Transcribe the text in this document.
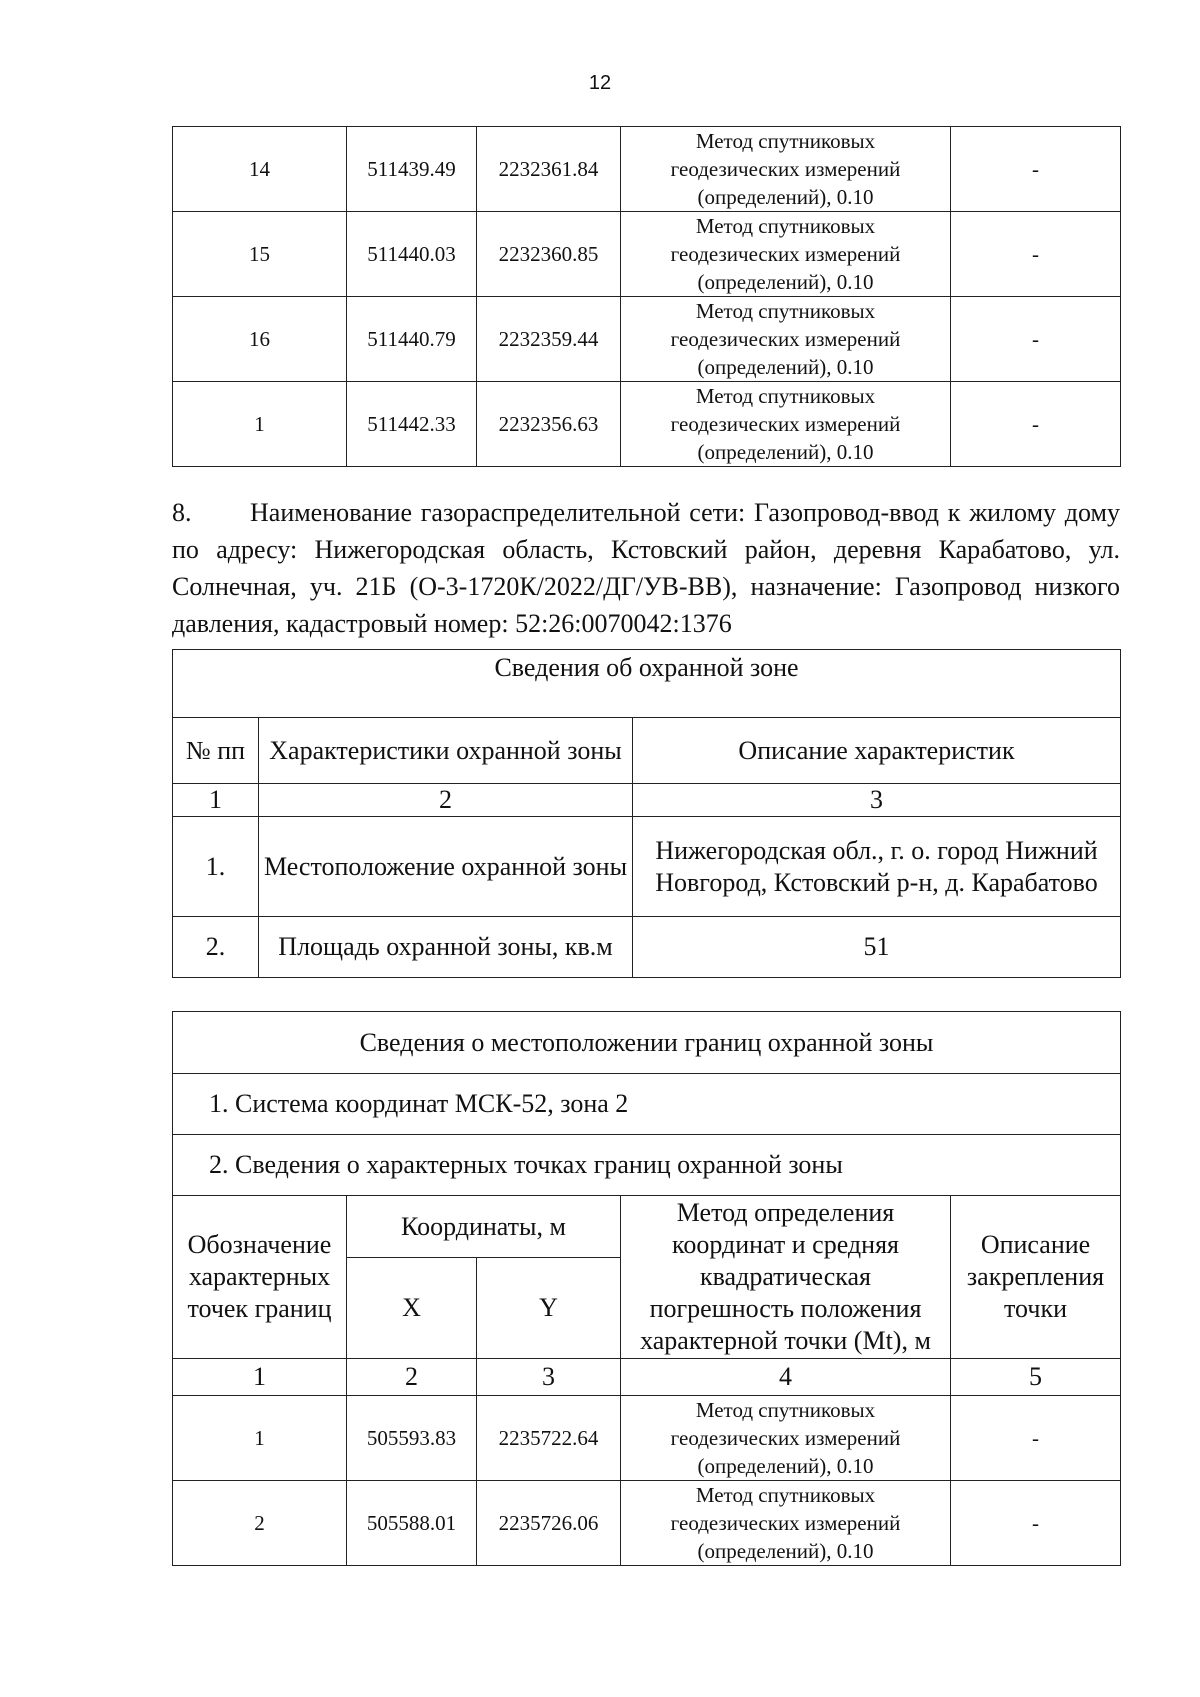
12
14	511439.49	2232361.84	Метод спутниковых
геодезических измерений
(определений), 0.10	-
15	511440.03	2232360.85	Метод спутниковых
геодезических измерений
(определений), 0.10	-
16	511440.79	2232359.44	Метод спутниковых
геодезических измерений
(определений), 0.10	-
1	511442.33	2232356.63	Метод спутниковых
геодезических измерений
(определений), 0.10	-
8. Наименование газораспределительной сети: Газопровод-ввод к жилому дому по адресу: Нижегородская область, Кстовский район, деревня Карабатово, ул. Солнечная, уч. 21Б (О-3-1720К/2022/ДГ/УВ-ВВ), назначение: Газопровод низкого давления, кадастровый номер: 52:26:0070042:1376
Сведения об охранной зоне		
№ пп	Характеристики охранной зоны	Описание характеристик
1	2	3
1.	Местоположение охранной зоны	Нижегородская обл., г. о. город Нижний Новгород, Кстовский р-н, д. Карабатово
2.	Площадь охранной зоны, кв.м	51
Сведения о местоположении границ охранной зоны				
1. Система координат МСК-52, зона 2				
2. Сведения о характерных точках границ охранной зоны				
Обозначение характерных точек границ	Координаты, м		Метод определения координат и средняя квадратическая погрешность положения характерной точки (Mt), м	Описание закрепления точки
	X	Y		
1	2	3	4	5
1	505593.83	2235722.64	Метод спутниковых
геодезических измерений
(определений), 0.10	-
2	505588.01	2235726.06	Метод спутниковых
геодезических измерений
(определений), 0.10	-
